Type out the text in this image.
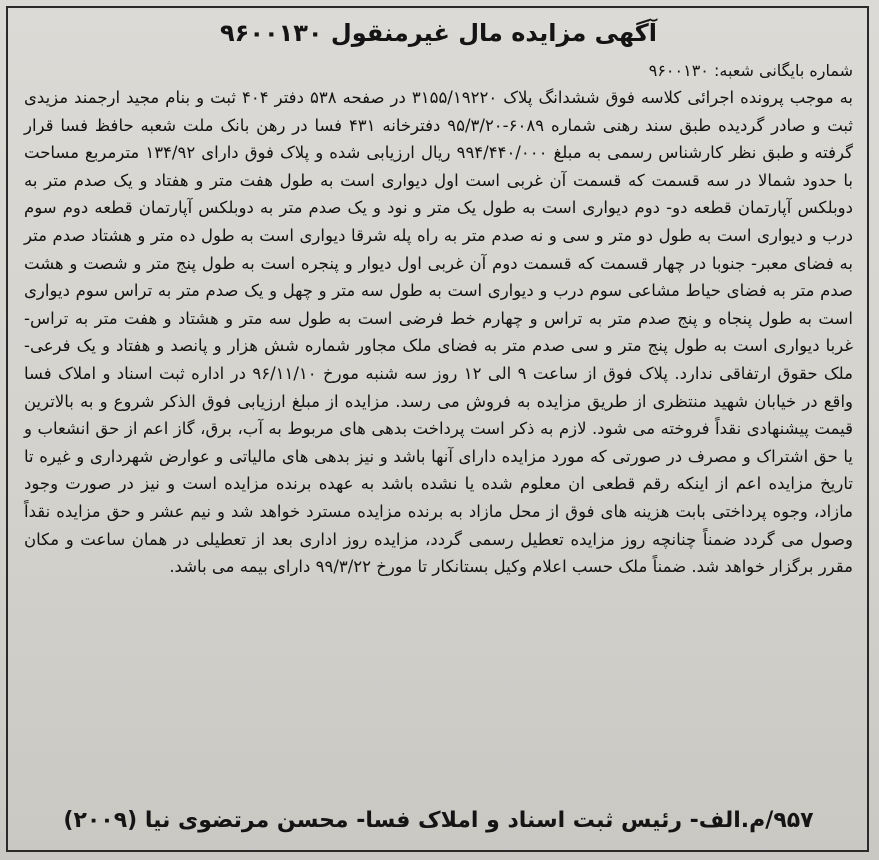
آگهی مزایده مال غیرمنقول ۹۶۰۰۱۳۰
شماره بایگانی شعبه: ۹۶۰۰۱۳۰
به موجب پرونده اجرائی کلاسه فوق ششدانگ پلاک ۳۱۵۵/۱۹۲۲۰ در صفحه ۵۳۸ دفتر ۴۰۴ ثبت و بنام مجید ارجمند مزیدی ثبت و صادر گردیده طبق سند رهنی شماره ۶۰۸۹-۹۵/۳/۲۰ دفترخانه ۴۳۱ فسا در رهن بانک ملت شعبه حافظ فسا قرار گرفته و طبق نظر کارشناس رسمی به مبلغ ۹۹۴/۴۴۰/۰۰۰ ریال ارزیابی شده و پلاک فوق دارای ۱۳۴/۹۲ مترمربع مساحت با حدود شمالا در سه قسمت که قسمت آن غربی است اول دیواری است به طول هفت متر و هفتاد و یک صدم متر به دوبلکس آپارتمان قطعه دو- دوم دیواری است به طول یک متر و نود و یک صدم متر به دوبلکس آپارتمان قطعه دوم سوم درب و دیواری است به طول دو متر و سی و نه صدم متر به راه پله شرقا دیواری است به طول ده متر و هشتاد صدم متر به فضای معبر- جنوبا در چهار قسمت که قسمت دوم آن غربی اول دیوار و پنجره است به طول پنج متر و شصت و هشت صدم متر به فضای حیاط مشاعی سوم درب و دیواری است به طول سه متر و چهل و یک صدم متر به تراس سوم دیواری است به طول پنجاه و پنج صدم متر به تراس و چهارم خط فرضی است به طول سه متر و هشتاد و هفت متر به تراس- غربا دیواری است به طول پنج متر و سی صدم متر به فضای ملک مجاور شماره شش هزار و پانصد و هفتاد و یک فرعی- ملک حقوق ارتفاقی ندارد. پلاک فوق از ساعت ۹ الی ۱۲ روز سه شنبه مورخ ۹۶/۱۱/۱۰ در اداره ثبت اسناد و املاک فسا واقع در خیابان شهید منتظری از طریق مزایده به فروش می رسد. مزایده از مبلغ ارزیابی فوق الذکر شروع و به بالاترین قیمت پیشنهادی نقداً فروخته می شود. لازم به ذکر است پرداخت بدهی های مربوط به آب، برق، گاز اعم از حق انشعاب و یا حق اشتراک و مصرف در صورتی که مورد مزایده دارای آنها باشد و نیز بدهی های مالیاتی و عوارض شهرداری و غیره تا تاریخ مزایده اعم از اینکه رقم قطعی ان معلوم شده یا نشده باشد به عهده برنده مزایده است و نیز در صورت وجود مازاد، وجوه پرداختی بابت هزینه های فوق از محل مازاد به برنده مزایده مسترد خواهد شد و نیم عشر و حق مزایده نقداً وصول می گردد ضمناً چنانچه روز مزایده تعطیل رسمی گردد، مزایده روز اداری بعد از تعطیلی در همان ساعت و مکان مقرر برگزار خواهد شد. ضمناً ملک حسب اعلام وکیل بستانکار تا مورخ ۹۹/۳/۲۲ دارای بیمه می باشد.
۹۵۷/م.الف- رئیس ثبت اسناد و املاک فسا- محسن مرتضوی نیا (۲۰۰۹)
